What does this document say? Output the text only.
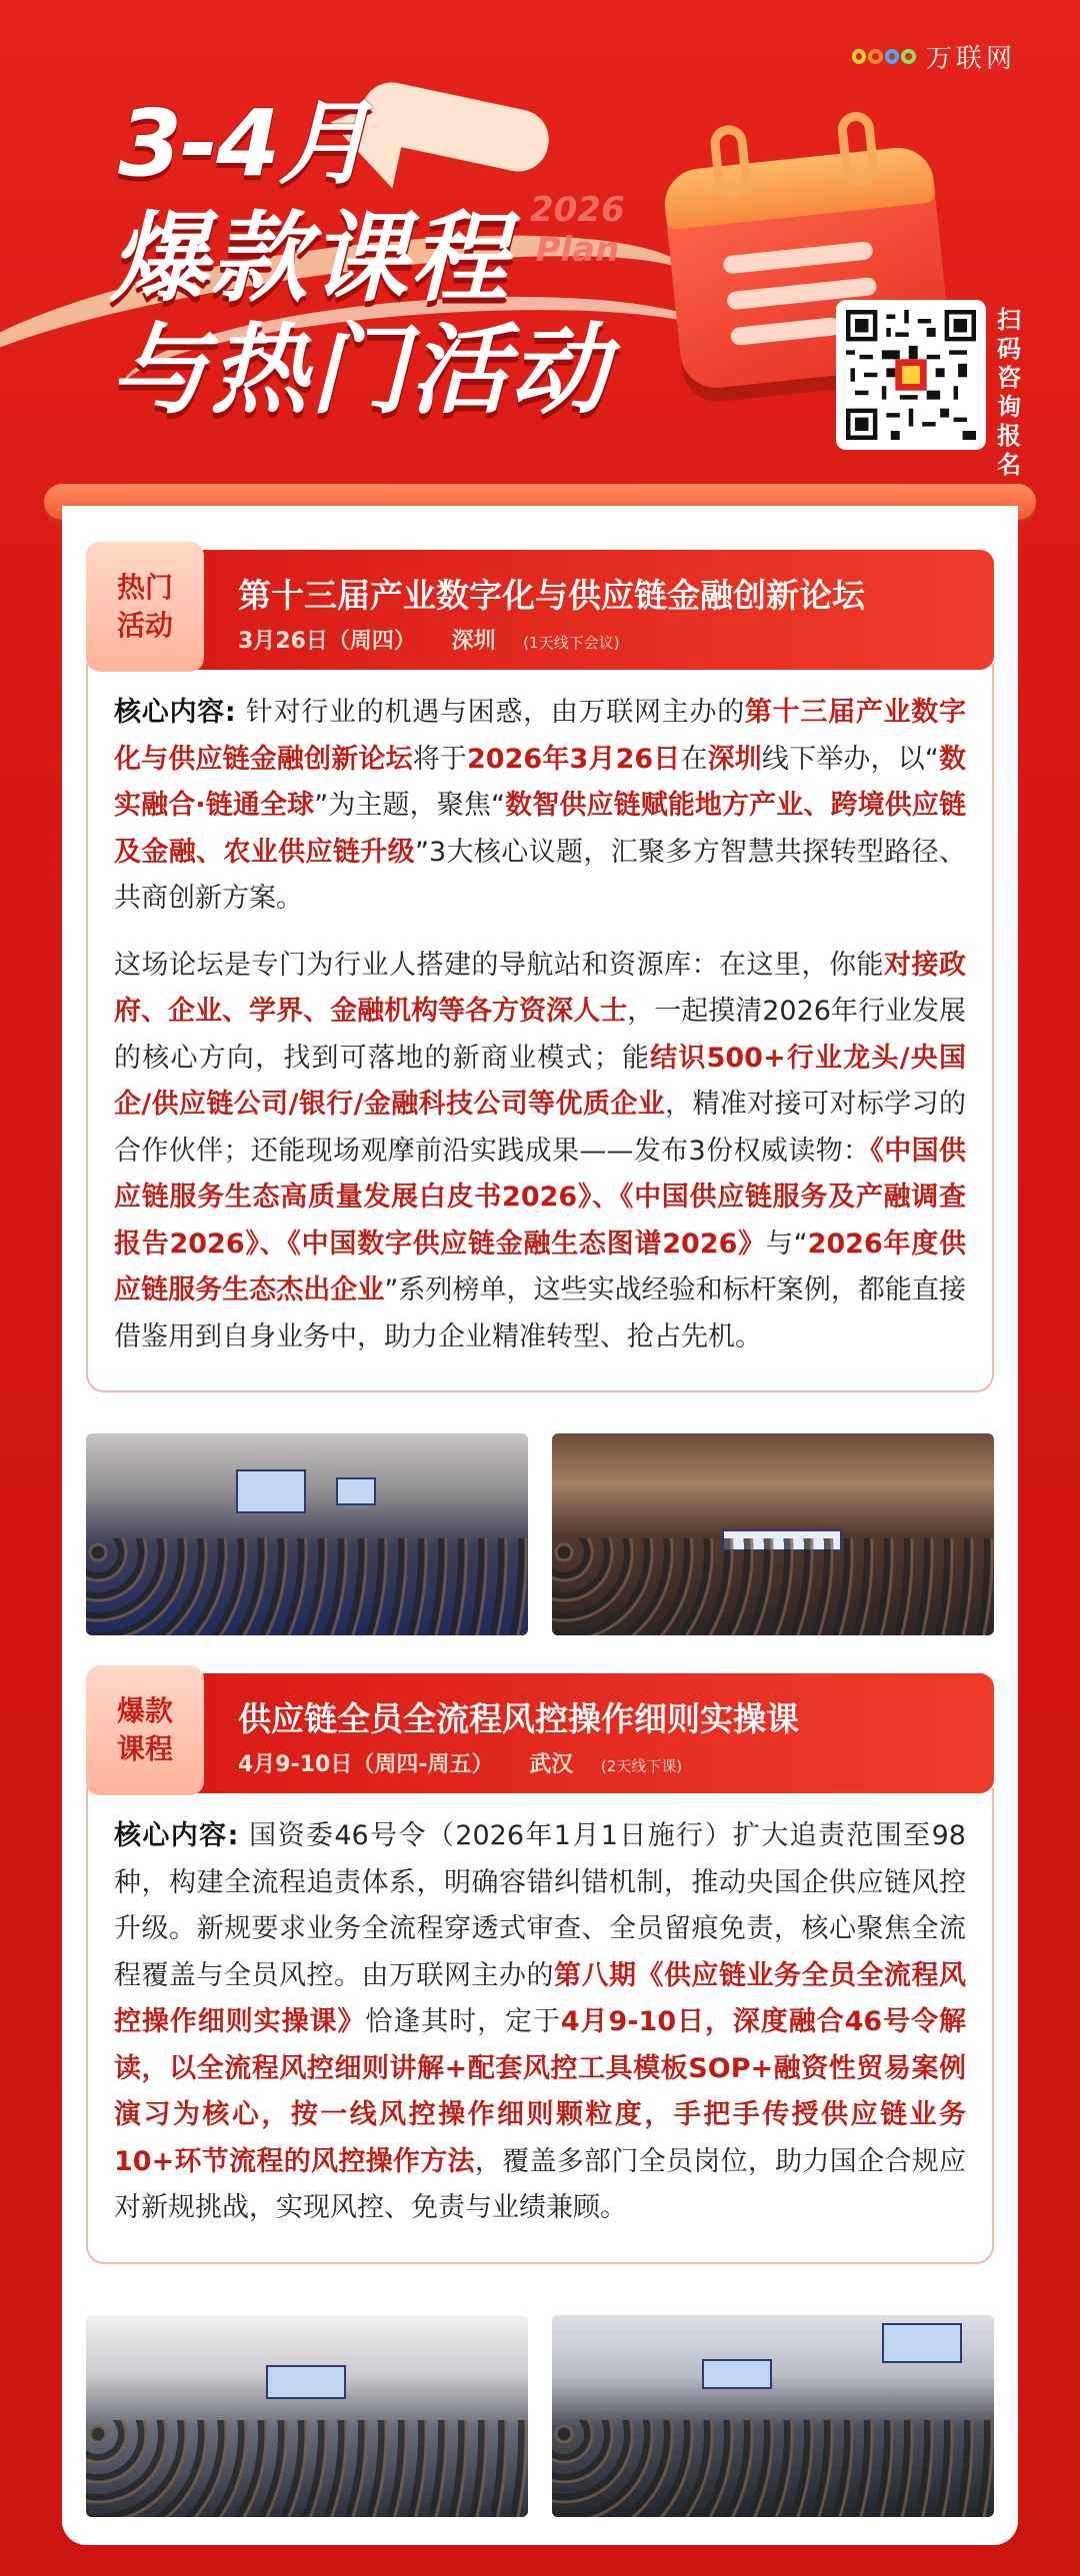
万联网
3-4月
爆款课程
与热门活动
2026
Plan
扫码咨询报名
热门
活动
第十三届产业数字化与供应链金融创新论坛
3月26日（周四） 深圳 (1天线下会议)

核心内容: 针对行业的机遇与困惑，由万联网主办的第十三届产业数字化与供应链金融创新论坛将于2026年3月26日在深圳线下举办，以“数实融合·链通全球”为主题，聚焦“数智供应链赋能地方产业、跨境供应链及金融、农业供应链升级”3大核心议题，汇聚多方智慧共探转型路径、共商创新方案。

这场论坛是专门为行业人搭建的导航站和资源库：在这里，你能对接政府、企业、学界、金融机构等各方资深人士，一起摸清2026年行业发展的核心方向，找到可落地的新商业模式；能结识500+行业龙头/央国企/供应链公司/银行/金融科技公司等优质企业，精准对接可对标学习的合作伙伴；还能现场观摩前沿实践成果——发布3份权威读物：《中国供应链服务生态高质量发展白皮书2026》、《中国供应链服务及产融调查报告2026》、《中国数字供应链金融生态图谱2026》与“2026年度供应链服务生态杰出企业”系列榜单，这些实战经验和标杆案例，都能直接借鉴用到自身业务中，助力企业精准转型、抢占先机。

爆款
课程
供应链全员全流程风控操作细则实操课
4月9-10日（周四-周五） 武汉 (2天线下课)

核心内容: 国资委46号令（2026年1月1日施行）扩大追责范围至98种，构建全流程追责体系，明确容错纠错机制，推动央国企供应链风控升级。新规要求业务全流程穿透式审查、全员留痕免责，核心聚焦全流程覆盖与全员风控。由万联网主办的第八期《供应链业务全员全流程风控操作细则实操课》恰逢其时，定于4月9-10日，深度融合46号令解读，以全流程风控细则讲解+配套风控工具模板SOP+融资性贸易案例演习为核心，按一线风控操作细则颗粒度，手把手传授供应链业务10+环节流程的风控操作方法，覆盖多部门全员岗位，助力国企合规应对新规挑战，实现风控、免责与业绩兼顾。
